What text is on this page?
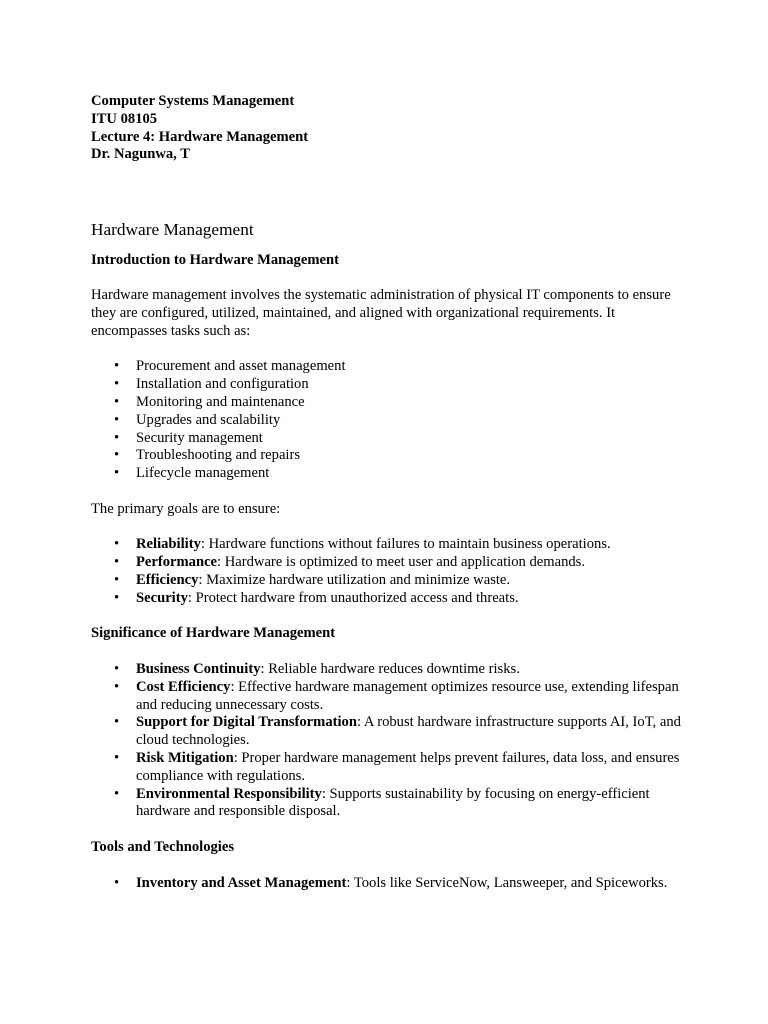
Computer Systems Management

ITU 08105

Lecture 4: Hardware Management

Dr. Nagunwa, T

Hardware Management
Introduction to Hardware Management

Hardware management involves the systematic administration of physical IT components to ensure they are configured, utilized, maintained, and aligned with organizational requirements. It encompasses tasks such as:

• Procurement and asset management
• Installation and configuration
• Monitoring and maintenance
• Upgrades and scalability
• Security management
• Troubleshooting and repairs
• Lifecycle management

The primary goals are to ensure:

• Reliability: Hardware functions without failures to maintain business operations.
• Performance: Hardware is optimized to meet user and application demands.
• Efficiency: Maximize hardware utilization and minimize waste.
• Security: Protect hardware from unauthorized access and threats.
Significance of Hardware Management
• Business Continuity: Reliable hardware reduces downtime risks.
• Cost Efficiency: Effective hardware management optimizes resource use, extending lifespan and reducing unnecessary costs.
• Support for Digital Transformation: A robust hardware infrastructure supports AI, IoT, and cloud technologies.
• Risk Mitigation: Proper hardware management helps prevent failures, data loss, and ensures compliance with regulations.
• Environmental Responsibility: Supports sustainability by focusing on energy-efficient hardware and responsible disposal.
Tools and Technologies
• Inventory and Asset Management: Tools like ServiceNow, Lansweeper, and Spiceworks.
